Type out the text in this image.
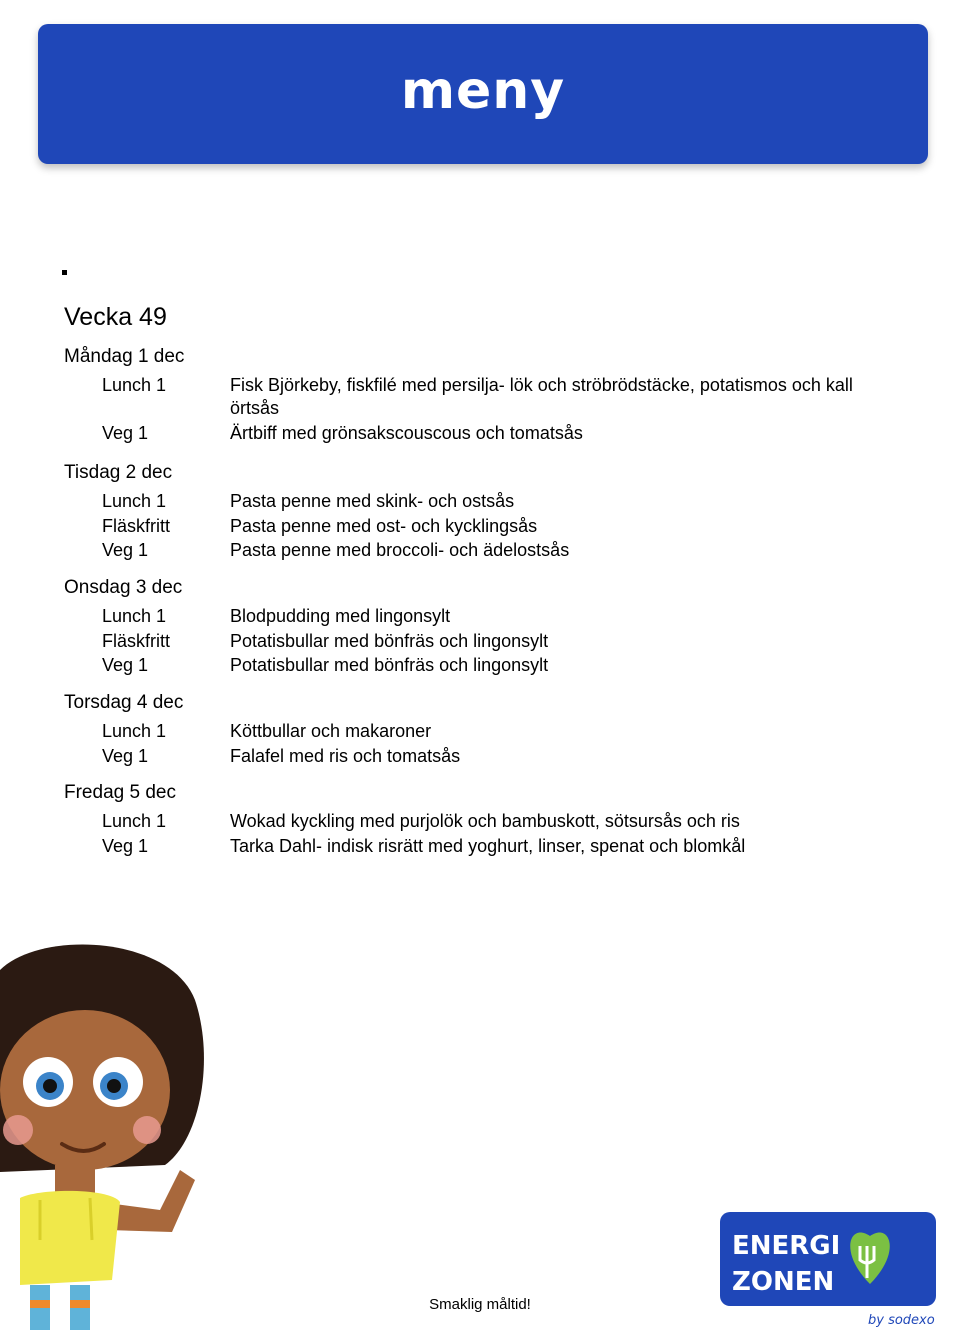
meny
Vecka 49
Måndag 1 dec
Lunch 1	Fisk Björkeby, fiskfilé med persilja- lök och ströbrödstäcke, potatismos och kall örtsås
Veg 1	Ärtbiff med grönsakscouscous och tomatsås
Tisdag 2 dec
Lunch 1	Pasta penne med skink- och ostsås
Fläskfritt	Pasta penne med ost- och kycklingsås
Veg 1	Pasta penne med broccoli- och ädelostsås
Onsdag 3 dec
Lunch 1	Blodpudding med lingonsylt
Fläskfritt	Potatisbullar med bönfräs och lingonsylt
Veg 1	Potatisbullar med bönfräs och lingonsylt
Torsdag 4 dec
Lunch 1	Köttbullar och makaroner
Veg 1	Falafel med ris och tomatsås
Fredag 5 dec
Lunch 1	Wokad kyckling med purjolök och bambuskott, sötsursås och ris
Veg 1	Tarka Dahl- indisk risrätt med yoghurt, linser, spenat och blomkål
Smaklig måltid!
ENERGI
ZONEN
by sodexo
